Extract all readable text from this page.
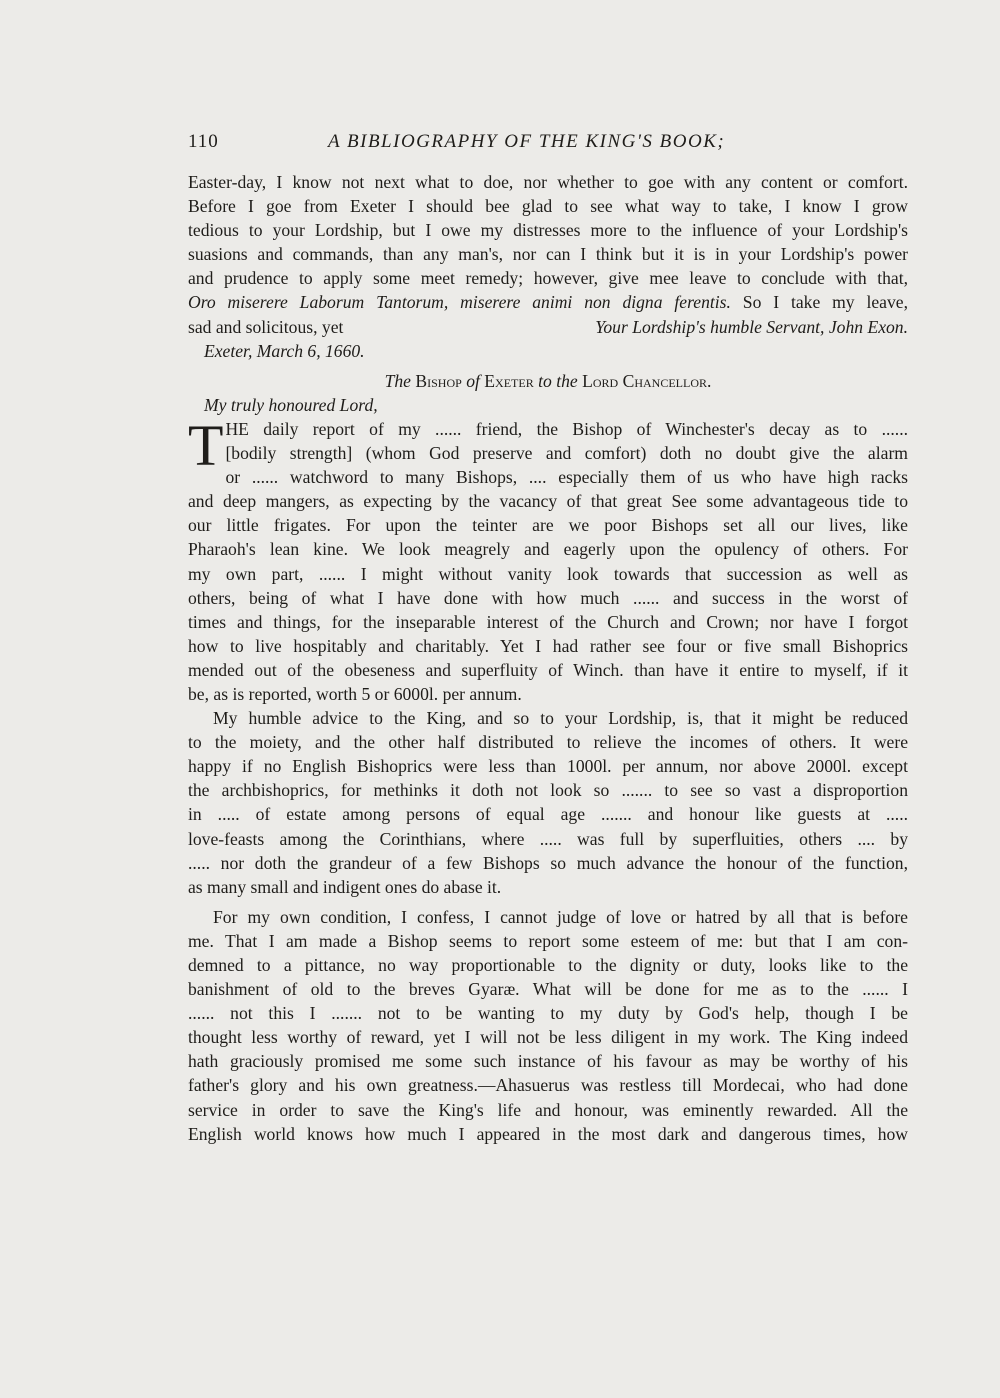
110	A BIBLIOGRAPHY OF THE KING'S BOOK;
Easter-day, I know not next what to doe, nor whether to goe with any content or comfort.
Before I goe from Exeter I should bee glad to see what way to take, I know I grow
tedious to your Lordship, but I owe my distresses more to the influence of your Lordship's
suasions and commands, than any man's, nor can I think but it is in your Lordship's power
and prudence to apply some meet remedy; however, give mee leave to conclude with that,
Oro miserere Laborum Tantorum, miserere animi non digna ferentis. So I take my leave,
sad and solicitous, yet	Your Lordship's humble Servant, John Exon.
Exeter, March 6, 1660.
The Bishop of Exeter to the Lord Chancellor.
My truly honoured Lord,
T HE daily report of my ...... friend, the Bishop of Winchester's decay as to ......
[bodily strength] (whom God preserve and comfort) doth no doubt give the alarm
or ...... watchword to many Bishops, .... especially them of us who have high racks
and deep mangers, as expecting by the vacancy of that great See some advantageous tide to
our little frigates. For upon the teinter are we poor Bishops set all our lives, like
Pharaoh's lean kine. We look meagrely and eagerly upon the opulency of others. For
my own part, ...... I might without vanity look towards that succession as well as
others, being of what I have done with how much ...... and success in the worst of
times and things, for the inseparable interest of the Church and Crown; nor have I forgot
how to live hospitably and charitably. Yet I had rather see four or five small Bishoprics
mended out of the obeseness and superfluity of Winch. than have it entire to myself, if it
be, as is reported, worth 5 or 6000l. per annum.
My humble advice to the King, and so to your Lordship, is, that it might be reduced
to the moiety, and the other half distributed to relieve the incomes of others. It were
happy if no English Bishoprics were less than 1000l. per annum, nor above 2000l. except
the archbishoprics, for methinks it doth not look so ....... to see so vast a disproportion
in ..... of estate among persons of equal age ....... and honour like guests at .....
love-feasts among the Corinthians, where ..... was full by superfluities, others .... by
..... nor doth the grandeur of a few Bishops so much advance the honour of the function,
as many small and indigent ones do abase it.
For my own condition, I confess, I cannot judge of love or hatred by all that is before
me. That I am made a Bishop seems to report some esteem of me: but that I am con-
demned to a pittance, no way proportionable to the dignity or duty, looks like to the
banishment of old to the breves Gyaræ. What will be done for me as to the ...... I
...... not this I ....... not to be wanting to my duty by God's help, though I be
thought less worthy of reward, yet I will not be less diligent in my work. The King indeed
hath graciously promised me some such instance of his favour as may be worthy of his
father's glory and his own greatness.—Ahasuerus was restless till Mordecai, who had done
service in order to save the King's life and honour, was eminently rewarded. All the
English world knows how much I appeared in the most dark and dangerous times, how
